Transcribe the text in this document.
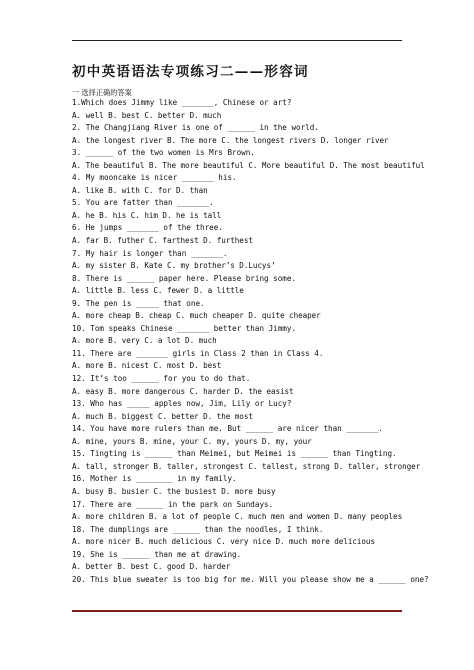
初中英语语法专项练习二——形容词
一 选择正确的答案
1.Which does Jimmy like _______, Chinese or art?
A. well B. best C. better D. much
2. The Changjiang River is one of ______ in the world.
A. the longest river B. The more C. the longest rivers D. longer river
3. ______ of the two women is Mrs Brown.
A. The beautiful B. The more beautiful C. More beautiful D. The most beautiful
4. My mooncake is nicer _______ his.
A. like B. with C. for D. than
5. You are fatter than _______.
A. he B. his C. him D. he is tall
6. He jumps _______ of the three.
A. far B. futher C. farthest D. furthest
7. My hair is longer than _______.
A. my sister B. Kate C. my brother’s D.Lucys’
8. There is ______ paper here. Please bring some.
A. little B. less C. fewer D. a little
9. The pen is _____ that one.
A. more cheap B. cheap C. much cheaper D. quite cheaper
10. Tom speaks Chinese _______ better than Jimmy.
A. more B. very C. a lot D. much
11. There are _______ girls in Class 2 than in Class 4.
A. more B. nicest C. most D. best
12. It’s too ______ for you to do that.
A. easy B. more dangerous C. harder D. the easist
13. Who has _____ apples now, Jim, Lily or Lucy?
A. much B. biggest C. better D. the most
14. You have more rulers than me. But ______ are nicer than _______.
A. mine, yours B. mine, your C. my, yours D. my, your
15. Tingting is ______ than Meimei, but Meimei is ______ than Tingting.
A. tall, stronger B. taller, strongest C. tallest, strong D. taller, stronger
16. Mother is ________ in my family.
A. busy B. busier C. the busiest D. more busy
17. There are ______ in the park on Sundays.
A. more children B. a lot of people C. much men and women D. many peoples
18. The dumplings are ______ than the noodles, I think.
A. more nicer B. much delicious C. very nice D. much more delicious
19. She is ______ than me at drawing.
A. better B. best C. good D. harder
20. This blue sweater is too big for me. Will you please show me a ______ one?
